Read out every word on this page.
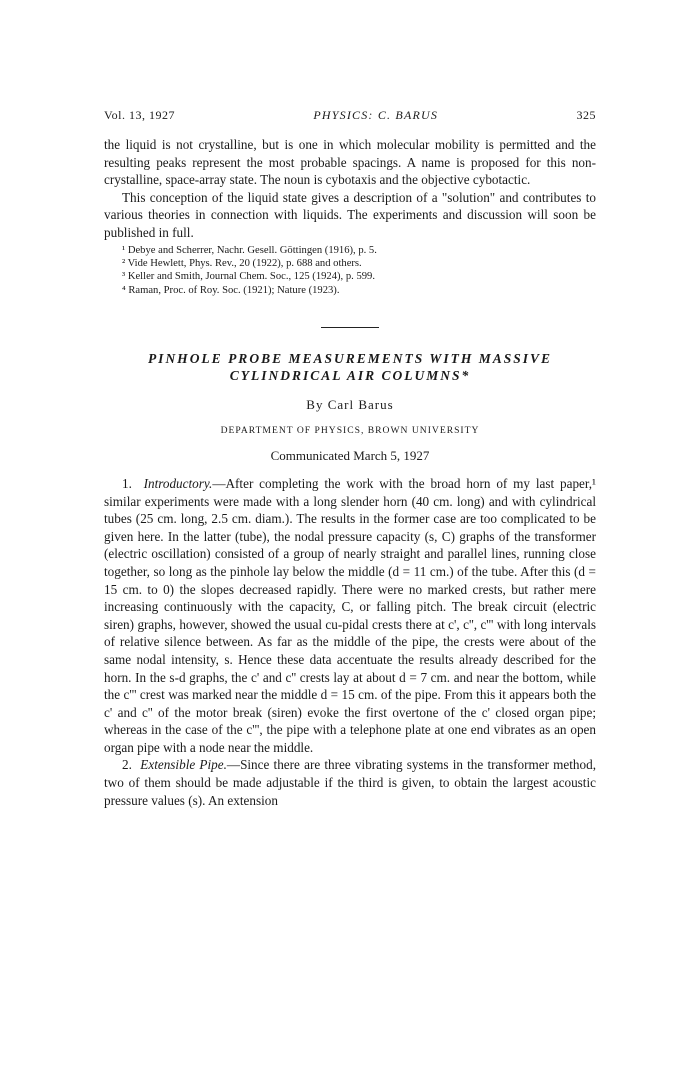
Vol. 13, 1927	PHYSICS: C. BARUS	325

the liquid is not crystalline, but is one in which molecular mobility is permitted and the resulting peaks represent the most probable spacings. A name is proposed for this non-crystalline, space-array state. The noun is cybotaxis and the objective cybotactic.

This conception of the liquid state gives a description of a "solution" and contributes to various theories in connection with liquids. The experiments and discussion will soon be published in full.

¹ Debye and Scherrer, Nachr. Gesell. Göttingen (1916), p. 5.
² Vide Hewlett, Phys. Rev., 20 (1922), p. 688 and others.
³ Keller and Smith, Journal Chem. Soc., 125 (1924), p. 599.
⁴ Raman, Proc. of Roy. Soc. (1921); Nature (1923).
PINHOLE PROBE MEASUREMENTS WITH MASSIVE
CYLINDRICAL AIR COLUMNS*
By Carl Barus
DEPARTMENT OF PHYSICS, BROWN UNIVERSITY
Communicated March 5, 1927

1. Introductory.—After completing the work with the broad horn of my last paper,¹ similar experiments were made with a long slender horn (40 cm. long) and with cylindrical tubes (25 cm. long, 2.5 cm. diam.). The results in the former case are too complicated to be given here. In the latter (tube), the nodal pressure capacity (s, C) graphs of the transformer (electric oscillation) consisted of a group of nearly straight and parallel lines, running close together, so long as the pinhole lay below the middle (d = 11 cm.) of the tube. After this (d = 15 cm. to 0) the slopes decreased rapidly. There were no marked crests, but rather mere increasing continuously with the capacity, C, or falling pitch. The break circuit (electric siren) graphs, however, showed the usual cu-pidal crests there at c', c'', c''' with long intervals of relative silence between. As far as the middle of the pipe, the crests were about of the same nodal intensity, s. Hence these data accentuate the results already described for the horn. In the s-d graphs, the c' and c'' crests lay at about d = 7 cm. and near the bottom, while the c''' crest was marked near the middle d = 15 cm. of the pipe. From this it appears both the c' and c'' of the motor break (siren) evoke the first overtone of the c' closed organ pipe; whereas in the case of the c''', the pipe with a telephone plate at one end vibrates as an open organ pipe with a node near the middle.

2. Extensible Pipe.—Since there are three vibrating systems in the transformer method, two of them should be made adjustable if the third is given, to obtain the largest acoustic pressure values (s). An extension
